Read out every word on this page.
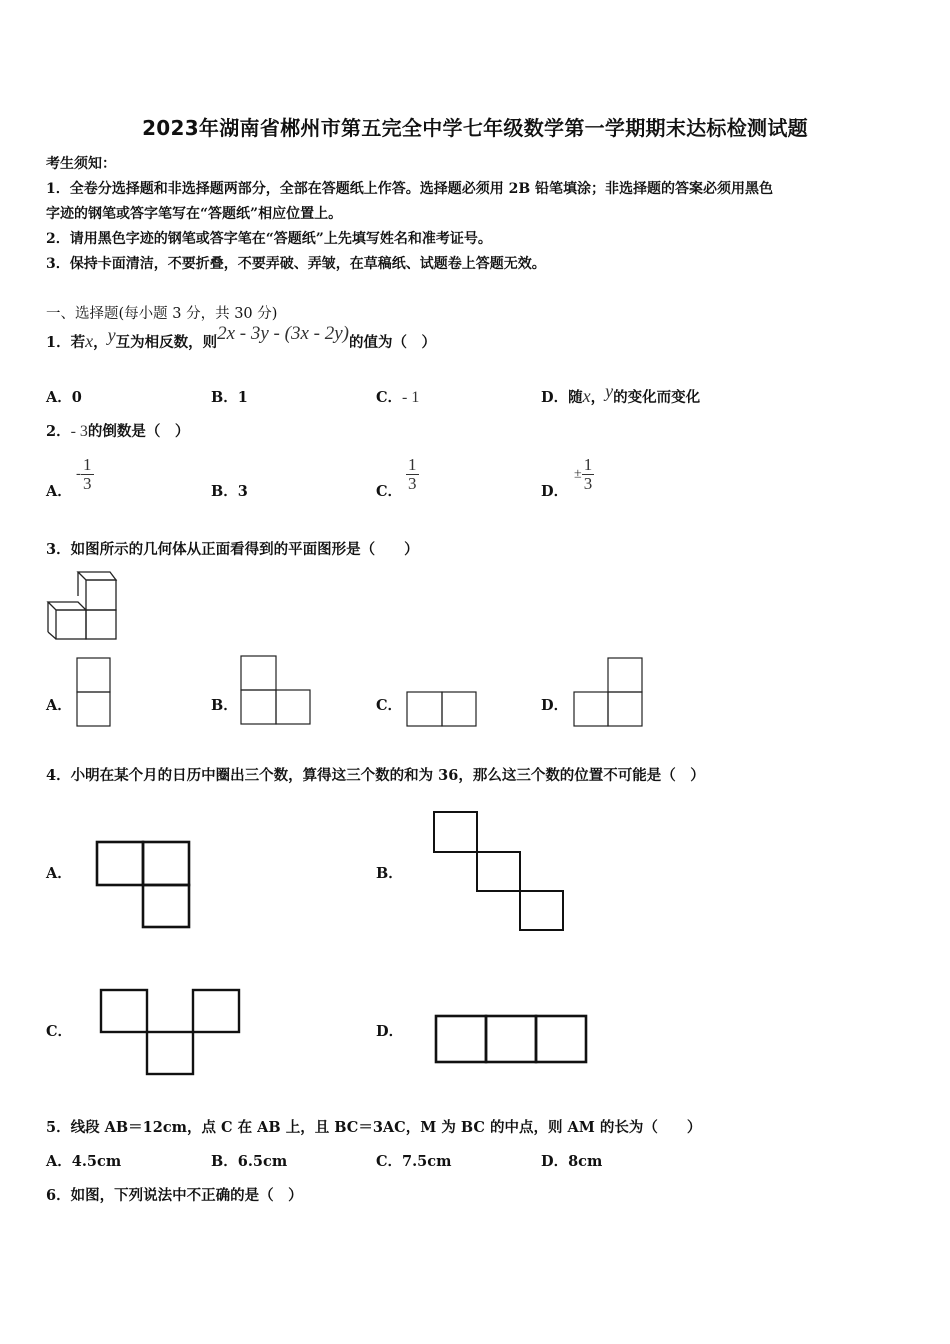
2023年湖南省郴州市第五完全中学七年级数学第一学期期末达标检测试题
考生须知：
1．全卷分选择题和非选择题两部分，全部在答题纸上作答。选择题必须用 2B 铅笔填涂；非选择题的答案必须用黑色
字迹的钢笔或答字笔写在“答题纸”相应位置上。
2．请用黑色字迹的钢笔或答字笔在“答题纸”上先填写姓名和准考证号。
3．保持卡面清洁，不要折叠，不要弄破、弄皱，在草稿纸、试题卷上答题无效。
一、选择题(每小题 3 分，共 30 分)
1．若x，y互为相反数，则2x - 3y - (3x - 2y)的值为（　）
A．0	B．1	C．- 1	D．随x，y的变化而变化
2．- 3的倒数是（　）
A．
- $\frac{1}{3}$	B．3	C． $\frac{1}{3}$	D．
± $\frac{1}{3}$
3．如图所示的几何体从正面看得到的平面图形是（　　）
A．	B．	C．	D．
4．小明在某个月的日历中圈出三个数，算得这三个数的和为 36，那么这三个数的位置不可能是（　）
A．	B．
C．	D．
5．线段 AB＝12cm，点 C 在 AB 上，且 BC＝3AC，M 为 BC 的中点，则 AM 的长为（　　）
A．4.5cm	B．6.5cm	C．7.5cm	D．8cm
6．如图，下列说法中不正确的是（　）
